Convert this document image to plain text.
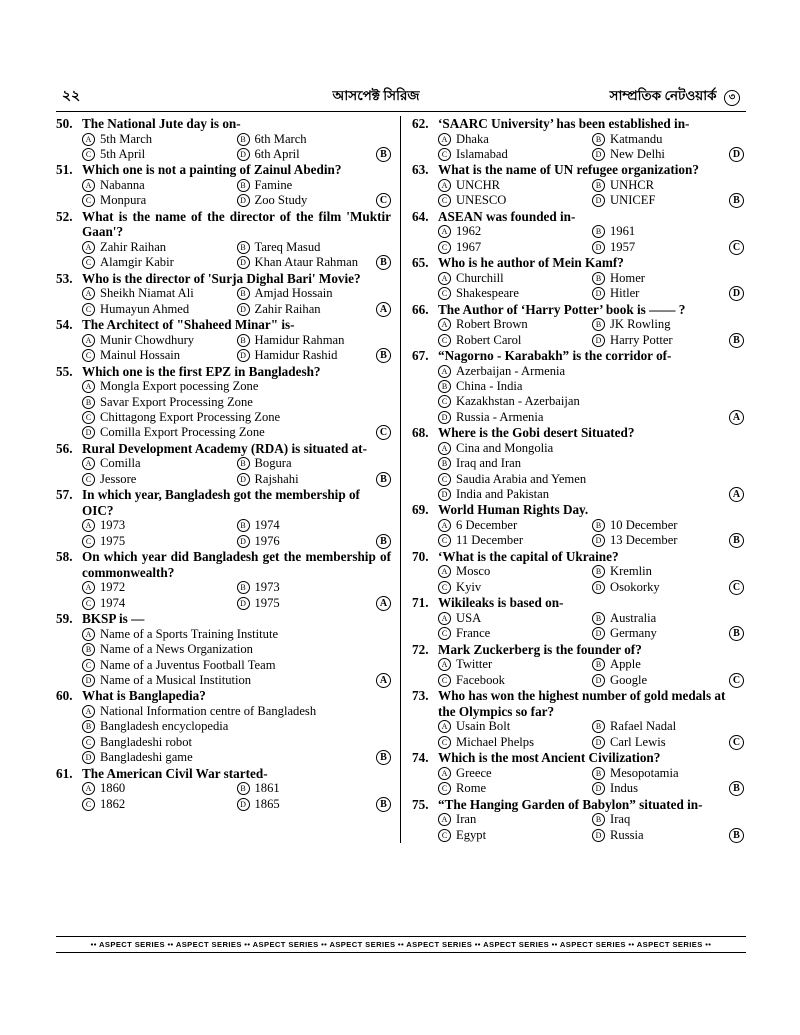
২২	আসপেক্ট সিরিজ	সাম্প্রতিক নেটওয়ার্ক ৩
50. The National Jute day is on-
A 5th March	B 6th March
C 5th April	D 6th April	B
51. Which one is not a painting of Zainul Abedin?
A Nabanna	B Famine
C Monpura	D Zoo Study	C
52. What is the name of the director of the film 'Muktir Gaan'?
A Zahir Raihan	B Tareq Masud
C Alamgir Kabir	D Khan Ataur Rahman	B
53. Who is the director of 'Surja Dighal Bari' Movie?
A Sheikh Niamat Ali	B Amjad Hossain
C Humayun Ahmed	D Zahir Raihan	A
54. The Architect of "Shaheed Minar" is-
A Munir Chowdhury	B Hamidur Rahman
C Mainul Hossain	D Hamidur Rashid	B
55. Which one is the first EPZ in Bangladesh?
A Mongla Export pocessing Zone
B Savar Export Processing Zone
C Chittagong Export Processing Zone
D Comilla Export Processing Zone	C
56. Rural Development Academy (RDA) is situated at-
A Comilla	B Bogura
C Jessore	D Rajshahi	B
57. In which year, Bangladesh got the membership of OIC?
A 1973	B 1974
C 1975	D 1976	B
58. On which year did Bangladesh get the membership of commonwealth?
A 1972	B 1973
C 1974	D 1975	A
59. BKSP is —
A Name of a Sports Training Institute
B Name of a News Organization
C Name of a Juventus Football Team
D Name of a Musical Institution	A
60. What is Banglapedia?
A National Information centre of Bangladesh
B Bangladesh encyclopedia
C Bangladeshi robot
D Bangladeshi game	B
61. The American Civil War started-
A 1860	B 1861
C 1862	D 1865	B
62. ‘SAARC University’ has been established in-
A Dhaka	B Katmandu
C Islamabad	D New Delhi	D
63. What is the name of UN refugee organization?
A UNCHR	B UNHCR
C UNESCO	D UNICEF	B
64. ASEAN was founded in-
A 1962	B 1961
C 1967	D 1957	C
65. Who is he author of Mein Kamf?
A Churchill	B Homer
C Shakespeare	D Hitler	D
66. The Author of ‘Harry Potter’ book is —— ?
A Robert Brown	B JK Rowling
C Robert Carol	D Harry Potter	B
67. “Nagorno - Karabakh” is the corridor of-
A Azerbaijan - Armenia
B China - India
C Kazakhstan - Azerbaijan
D Russia - Armenia	A
68. Where is the Gobi desert Situated?
A Cina and Mongolia
B Iraq and Iran
C Saudia Arabia and Yemen
D India and Pakistan	A
69. World Human Rights Day.
A 6 December	B 10 December
C 11 December	D 13 December	B
70. ‘What is the capital of Ukraine?
A Mosco	B Kremlin
C Kyiv	D Osokorky	C
71. Wikileaks is based on-
A USA	B Australia
C France	D Germany	B
72. Mark Zuckerberg is the founder of?
A Twitter	B Apple
C Facebook	D Google	C
73. Who has won the highest number of gold medals at the Olympics so far?
A Usain Bolt	B Rafael Nadal
C Michael Phelps	D Carl Lewis	C
74. Which is the most Ancient Civilization?
A Greece	B Mesopotamia
C Rome	D Indus	B
75. “The Hanging Garden of Babylon” situated in-
A Iran	B Iraq
C Egypt	D Russia	B
•• ASPECT SERIES •• ASPECT SERIES •• ASPECT SERIES •• ASPECT SERIES •• ASPECT SERIES •• ASPECT SERIES •• ASPECT SERIES •• ASPECT SERIES ••
